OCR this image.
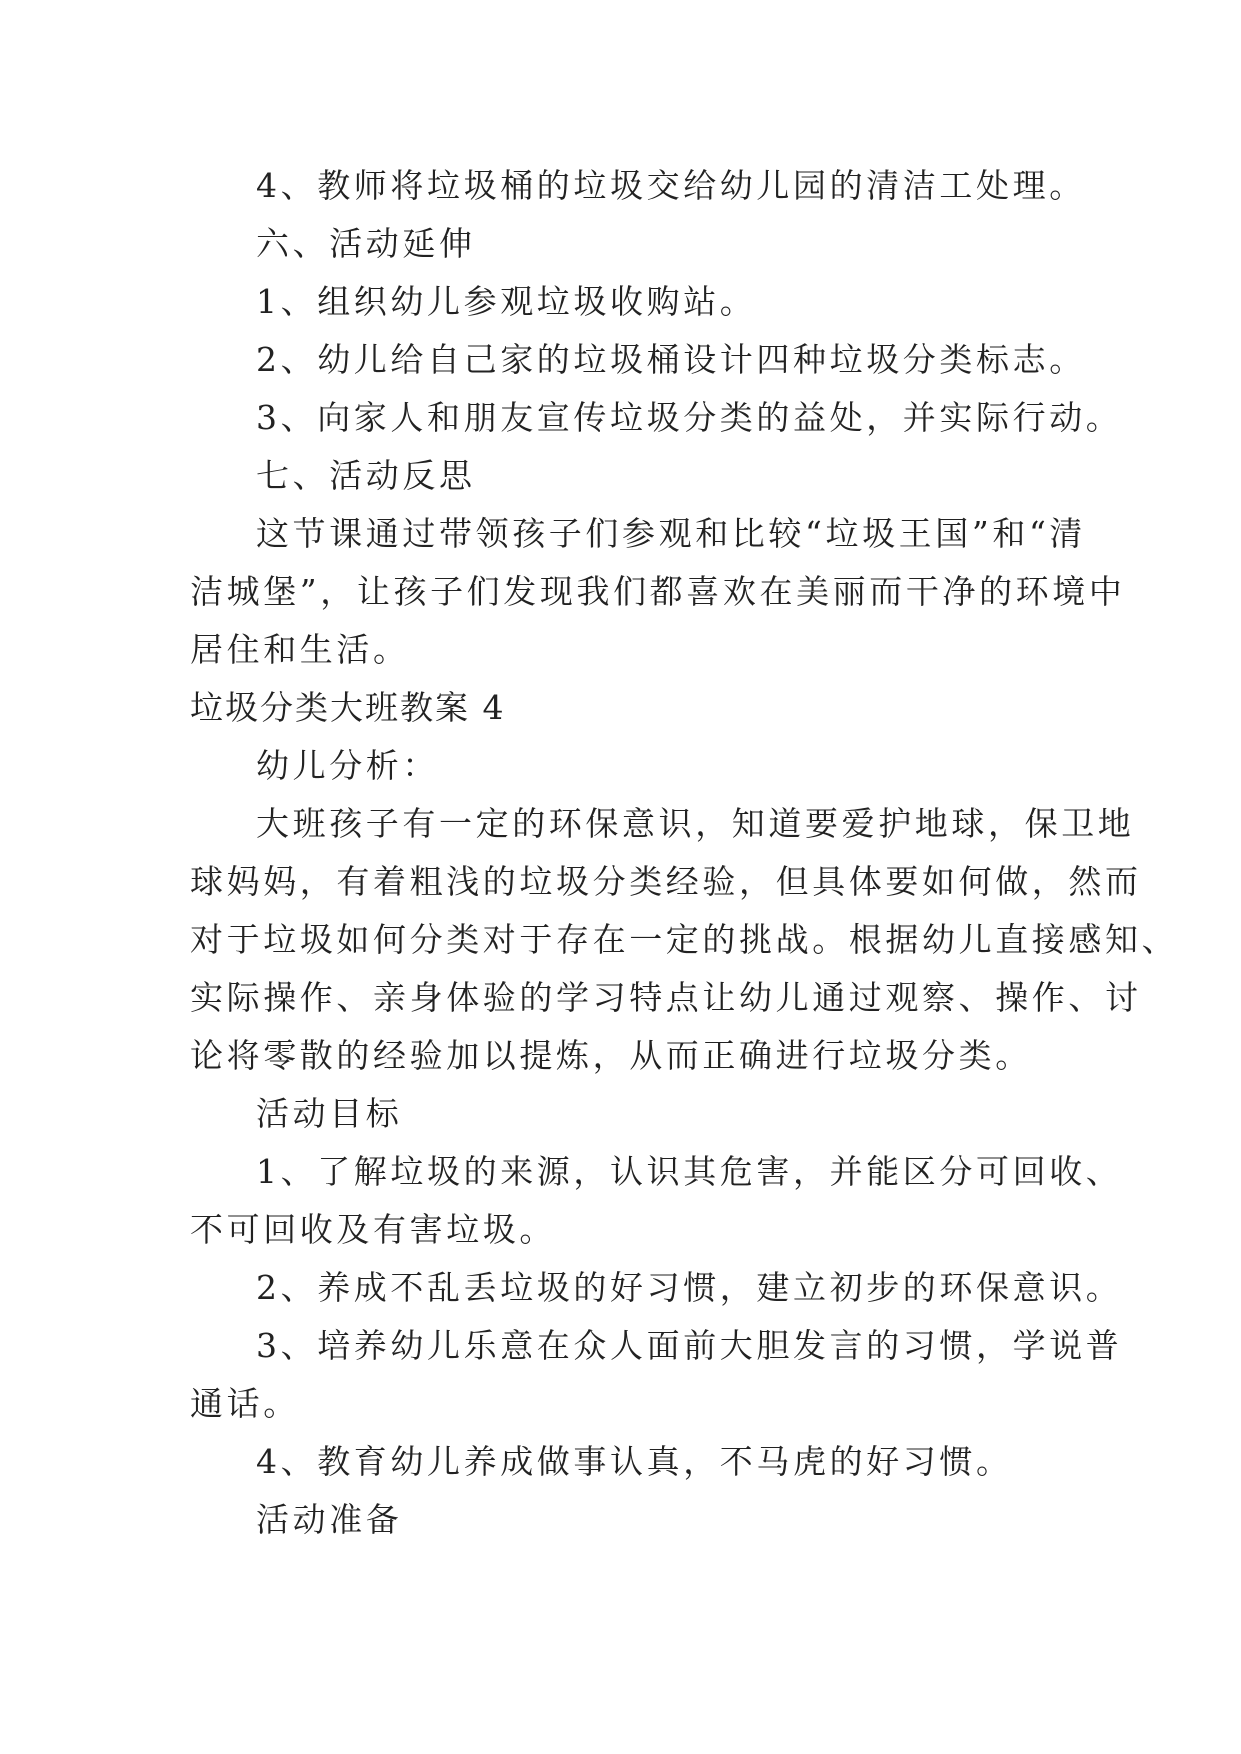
4、教师将垃圾桶的垃圾交给幼儿园的清洁工处理。
六、活动延伸
1、组织幼儿参观垃圾收购站。
2、幼儿给自己家的垃圾桶设计四种垃圾分类标志。
3、向家人和朋友宣传垃圾分类的益处，并实际行动。
七、活动反思
这节课通过带领孩子们参观和比较“垃圾王国”和“清
洁城堡”，让孩子们发现我们都喜欢在美丽而干净的环境中
居住和生活。
垃圾分类大班教案 4
幼儿分析：
大班孩子有一定的环保意识，知道要爱护地球，保卫地
球妈妈，有着粗浅的垃圾分类经验，但具体要如何做，然而
对于垃圾如何分类对于存在一定的挑战。根据幼儿直接感知、
实际操作、亲身体验的学习特点让幼儿通过观察、操作、讨
论将零散的经验加以提炼，从而正确进行垃圾分类。
活动目标
1、了解垃圾的来源，认识其危害，并能区分可回收、
不可回收及有害垃圾。
2、养成不乱丢垃圾的好习惯，建立初步的环保意识。
3、培养幼儿乐意在众人面前大胆发言的习惯，学说普
通话。
4、教育幼儿养成做事认真，不马虎的好习惯。
活动准备
